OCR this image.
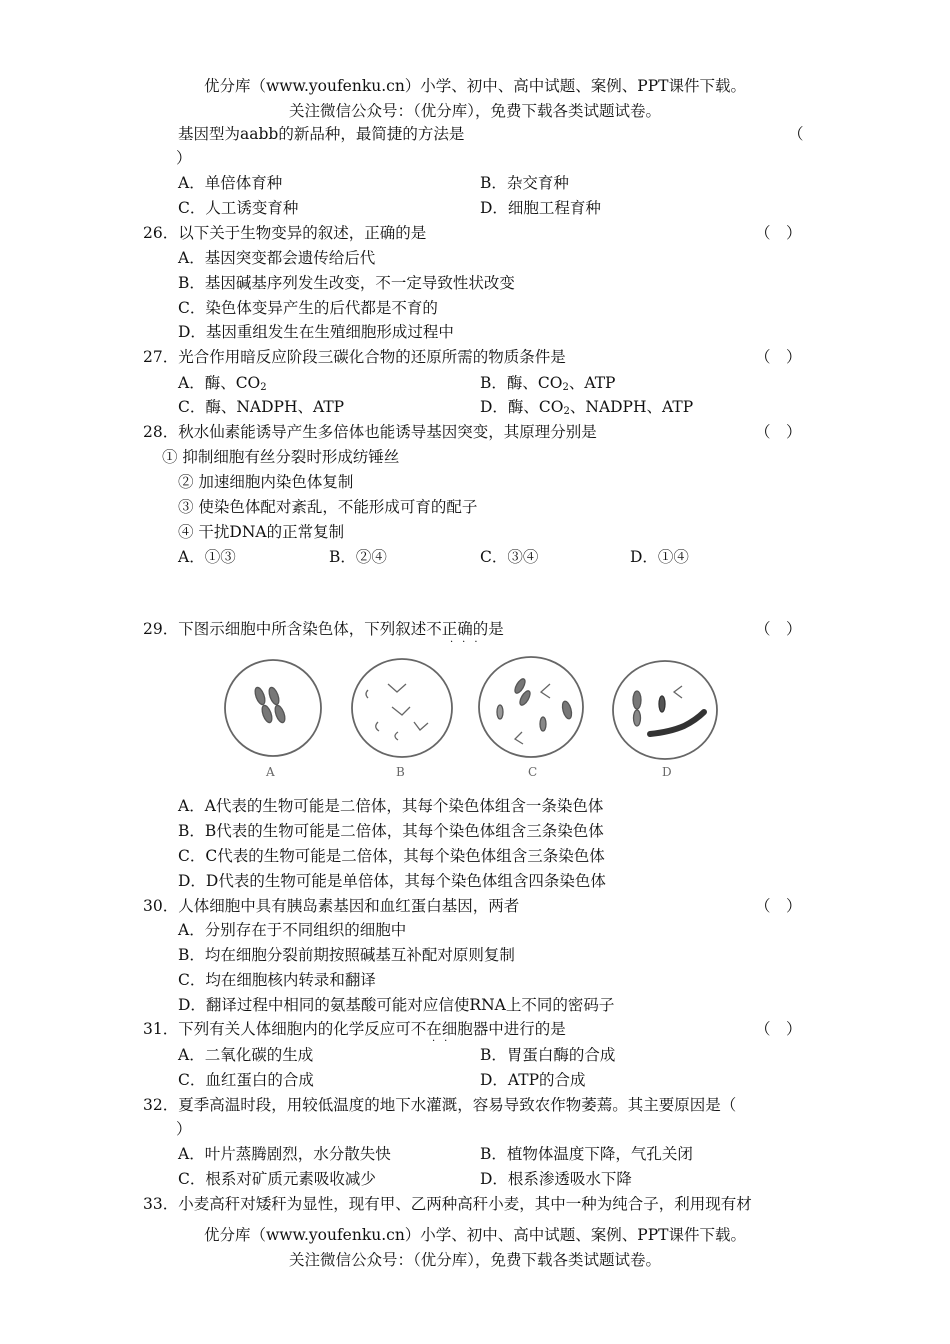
优分库（www.youfenku.cn）小学、初中、高中试题、案例、PPT课件下载。
关注微信公众号：（优分库），免费下载各类试题试卷。
基因型为aabb的新品种，最简捷的方法是	（
）
A．单倍体育种	B．杂交育种
C．人工诱变育种	D．细胞工程育种
26．以下关于生物变异的叙述，正确的是	（　）
A．基因突变都会遗传给后代
B．基因碱基序列发生改变，不一定导致性状改变
C．染色体变异产生的后代都是不育的
D．基因重组发生在生殖细胞形成过程中
27．光合作用暗反应阶段三碳化合物的还原所需的物质条件是	（　）
A．酶、$CO_2$	B．酶、$CO_2$、ATP
C．酶、NADPH、ATP	D．酶、$CO_2$、NADPH、ATP
28．秋水仙素能诱导产生多倍体也能诱导基因突变，其原理分别是	（　）
① 抑制细胞有丝分裂时形成纺锤丝
② 加速细胞内染色体复制
③ 使染色体配对紊乱，不能形成可育的配子
④ 干扰DNA的正常复制
A．①③	B．②④	C．③④	D．①④
29．下图示细胞中所含染色体，下列叙述不正确的是
···
（　）
A	B	C	D
A．A代表的生物可能是二倍体，其每个染色体组含一条染色体
B．B代表的生物可能是二倍体，其每个染色体组含三条染色体
C．C代表的生物可能是二倍体，其每个染色体组含三条染色体
D．D代表的生物可能是单倍体，其每个染色体组含四条染色体
30．人体细胞中具有胰岛素基因和血红蛋白基因，两者	（　）
A．分别存在于不同组织的细胞中
B．均在细胞分裂前期按照碱基互补配对原则复制
C．均在细胞核内转录和翻译
D．翻译过程中相同的氨基酸可能对应信使RNA上不同的密码子
31．下列有关人体细胞内的化学反应可不在细胞器中进行的是
··
（　）
A．二氧化碳的生成	B．胃蛋白酶的合成
C．血红蛋白的合成	D．ATP的合成
32．夏季高温时段，用较低温度的地下水灌溉，容易导致农作物萎蔫。其主要原因是（
）
A．叶片蒸腾剧烈，水分散失快	B．植物体温度下降，气孔关闭
C．根系对矿质元素吸收减少	D．根系渗透吸水下降
33．小麦高秆对矮秆为显性，现有甲、乙两种高秆小麦，其中一种为纯合子，利用现有材
优分库（www.youfenku.cn）小学、初中、高中试题、案例、PPT课件下载。
关注微信公众号：（优分库），免费下载各类试题试卷。
